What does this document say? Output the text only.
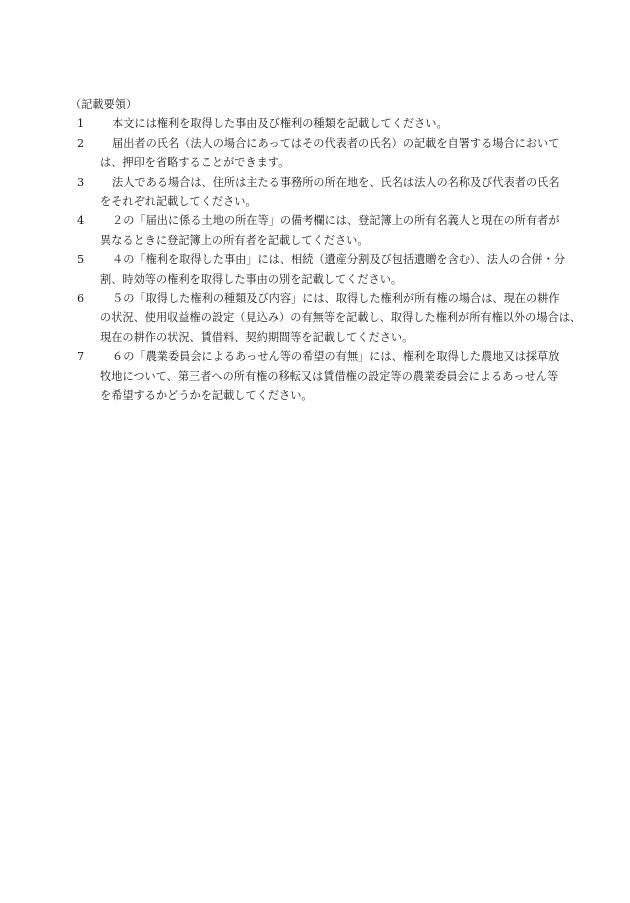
（記載要領）

1	本文には権利を取得した事由及び権利の種類を記載してください。
2	届出者の氏名（法人の場合にあってはその代表者の氏名）の記載を自署する場合において
は、押印を省略することができます。
3	法人である場合は、住所は主たる事務所の所在地を、氏名は法人の名称及び代表者の氏名
をそれぞれ記載してください。
4	２の「届出に係る土地の所在等」の備考欄には、登記簿上の所有名義人と現在の所有者が
異なるときに登記簿上の所有者を記載してください。
5	４の「権利を取得した事由」には、相続（遺産分割及び包括遺贈を含む）、法人の合併・分
割、時効等の権利を取得した事由の別を記載してください。
6	５の「取得した権利の種類及び内容」には、取得した権利が所有権の場合は、現在の耕作
の状況、使用収益権の設定（見込み）の有無等を記載し、取得した権利が所有権以外の場合は、
現在の耕作の状況、賃借料、契約期間等を記載してください。
7	６の「農業委員会によるあっせん等の希望の有無」には、権利を取得した農地又は採草放
牧地について、第三者への所有権の移転又は賃借権の設定等の農業委員会によるあっせん等
を希望するかどうかを記載してください。
